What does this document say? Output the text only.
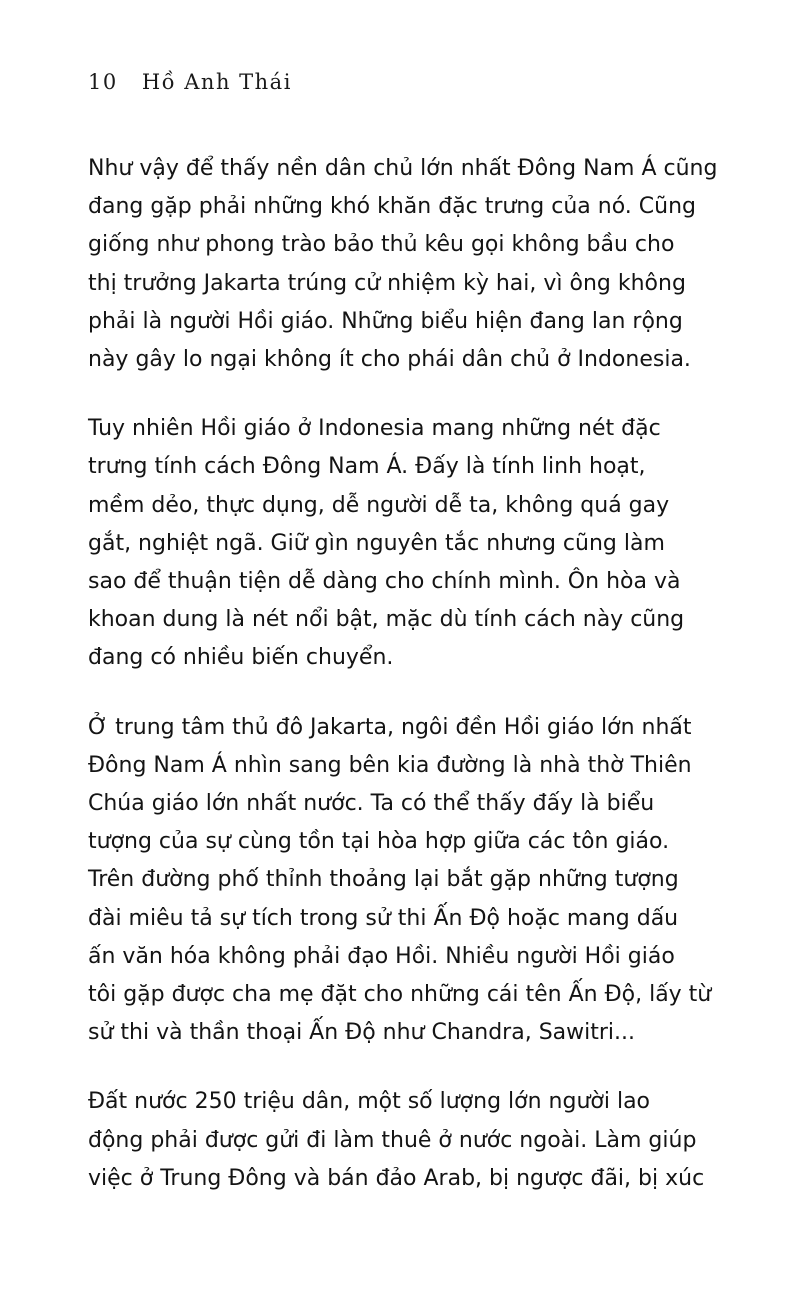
10 Hồ Anh Thái

Như vậy để thấy nền dân chủ lớn nhất Đông Nam Á cũng
đang gặp phải những khó khăn đặc trưng của nó. Cũng
giống như phong trào bảo thủ kêu gọi không bầu cho
thị trưởng Jakarta trúng cử nhiệm kỳ hai, vì ông không
phải là người Hồi giáo. Những biểu hiện đang lan rộng
này gây lo ngại không ít cho phái dân chủ ở Indonesia.

Tuy nhiên Hồi giáo ở Indonesia mang những nét đặc
trưng tính cách Đông Nam Á. Đấy là tính linh hoạt,
mềm dẻo, thực dụng, dễ người dễ ta, không quá gay
gắt, nghiệt ngã. Giữ gìn nguyên tắc nhưng cũng làm
sao để thuận tiện dễ dàng cho chính mình. Ôn hòa và
khoan dung là nét nổi bật, mặc dù tính cách này cũng
đang có nhiều biến chuyển.

Ở trung tâm thủ đô Jakarta, ngôi đền Hồi giáo lớn nhất
Đông Nam Á nhìn sang bên kia đường là nhà thờ Thiên
Chúa giáo lớn nhất nước. Ta có thể thấy đấy là biểu
tượng của sự cùng tồn tại hòa hợp giữa các tôn giáo.
Trên đường phố thỉnh thoảng lại bắt gặp những tượng
đài miêu tả sự tích trong sử thi Ấn Độ hoặc mang dấu
ấn văn hóa không phải đạo Hồi. Nhiều người Hồi giáo
tôi gặp được cha mẹ đặt cho những cái tên Ấn Độ, lấy từ
sử thi và thần thoại Ấn Độ như Chandra, Sawitri...

Đất nước 250 triệu dân, một số lượng lớn người lao
động phải được gửi đi làm thuê ở nước ngoài. Làm giúp
việc ở Trung Đông và bán đảo Arab, bị ngược đãi, bị xúc
